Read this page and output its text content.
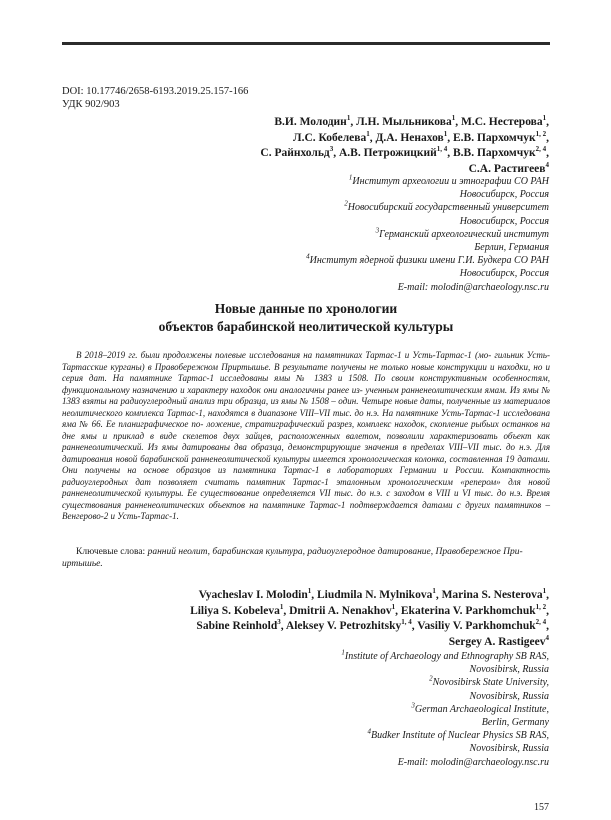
DOI: 10.17746/2658-6193.2019.25.157-166
УДК 902/903
В.И. Молодин$^1$, Л.Н. Мыльникова$^1$, М.С. Нестерова$^1$,
Л.С. Кобелева$^1$, Д.А. Ненахов$^1$, Е.В. Пархомчук$^{1, 2}$,
С. Райнхольд$^3$, А.В. Петрожицкий$^{1, 4}$, В.В. Пархомчук$^{2, 4}$,
С.А. Растигеев$^4$
$^1$Институт археологии и этнографии СО РАН
Новосибирск, Россия
$^2$Новосибирский государственный университет
Новосибирск, Россия
$^3$Германский археологический институт
Берлин, Германия
$^4$Институт ядерной физики имени Г.И. Будкера СО РАН
Новосибирск, Россия
E-mail: molodin@archaeology.nsc.ru
Новые данные по хронологии
объектов барабинской неолитической культуры

В 2018–2019 гг. были продолжены полевые исследования на памятниках Тартас-1 и Усть-Тартас-1 (мо- гильник Усть-Тартасские курганы) в Правобережном Приртышье. В результате получены не только новые конструкции и находки, но и серия дат. На памятнике Тартас-1 исследованы ямы № 1383 и 1508. По своим конструктивным особенностям, функциональному назначению и характеру находок они аналогичны ранее из- ученным ранненеолитическим ямам. Из ямы № 1383 взяты на радиоуглеродный анализ три образца, из ямы № 1508 – один. Четыре новые даты, полученные из материалов неолитического комплекса Тартас-1, находятся в диапазоне VIII–VII тыс. до н.э. На памятнике Усть-Тартас-1 исследована яма № 66. Ее планиграфическое по- ложение, стратиграфический разрез, комплекс находок, скопление рыбьих останков на дне ямы и приклад в виде скелетов двух зайцев, расположенных валетом, позволили характеризовать объект как ранненеолитический. Из ямы датированы два образца, демонстрирующие значения в пределах VIII–VII тыс. до н.э. Для датирования новой барабинской ранненеолитической культуры имеется хронологическая колонка, составленная 19 датами. Они получены на основе образцов из памятника Тартас-1 в лабораториях Германии и России. Компактность радиоуглеродных дат позволяет считать памятник Тартас-1 эталонным хронологическим «репером» для новой ранненеолитической культуры. Ее существование определяется VII тыс. до н.э. с заходом в VIII и VI тыс. до н.э. Время существования ранненеолитических объектов на памятнике Тартас-1 подтверждается датами с других памятников – Венгерово-2 и Усть-Тартас-1.

Ключевые слова: ранний неолит, барабинская культура, радиоуглеродное датирование, Правобережное При-
иртышье.

Vyacheslav I. Molodin$^1$, Liudmila N. Mylnikova$^1$, Marina S. Nesterova$^1$,
Liliya S. Kobeleva$^1$, Dmitrii A. Nenakhov$^1$, Ekaterina V. Parkhomchuk$^{1, 2}$,
Sabine Reinhold$^3$, Aleksey V. Petrozhitsky$^{1, 4}$, Vasiliy V. Parkhomchuk$^{2, 4}$,
Sergey A. Rastigeev$^4$
$^1$Institute of Archaeology and Ethnography SB RAS,
Novosibirsk, Russia
$^2$Novosibirsk State University,
Novosibirsk, Russia
$^3$German Archaeological Institute,
Berlin, Germany
$^4$Budker Institute of Nuclear Physics SB RAS,
Novosibirsk, Russia
E-mail: molodin@archaeology.nsc.ru
157
